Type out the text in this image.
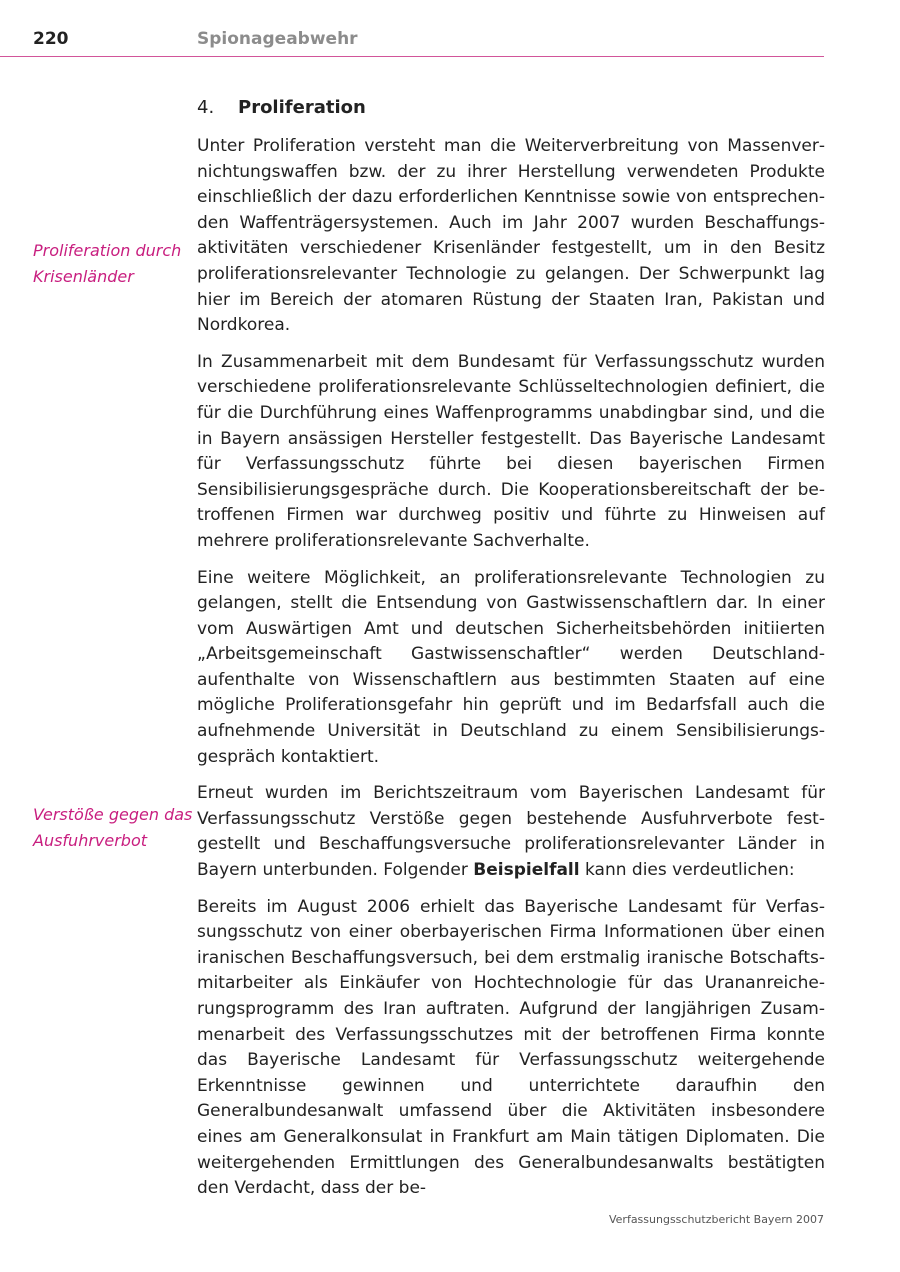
220	Spionageabwehr
4. Proliferation
Proliferation durch Krisenländer
Verstöße gegen das Ausfuhrverbot

Unter Proliferation versteht man die Weiterverbreitung von Massenvernichtungswaffen bzw. der zu ihrer Herstellung verwendeten Produkte einschließlich der dazu erforderlichen Kenntnisse sowie von entsprechenden Waffenträgersystemen. Auch im Jahr 2007 wurden Beschaffungsaktivitäten verschiedener Krisenländer festgestellt, um in den Besitz proliferationsrelevanter Technologie zu gelangen. Der Schwerpunkt lag hier im Bereich der atomaren Rüstung der Staaten Iran, Pakistan und Nordkorea.

In Zusammenarbeit mit dem Bundesamt für Verfassungsschutz wurden verschiedene proliferationsrelevante Schlüsseltechnologien definiert, die für die Durchführung eines Waffenprogramms unabdingbar sind, und die in Bayern ansässigen Hersteller festgestellt. Das Bayerische Landesamt für Verfassungsschutz führte bei diesen bayerischen Firmen Sensibilisierungsgespräche durch. Die Kooperationsbereitschaft der betroffenen Firmen war durchweg positiv und führte zu Hinweisen auf mehrere proliferationsrelevante Sachverhalte.

Eine weitere Möglichkeit, an proliferationsrelevante Technologien zu gelangen, stellt die Entsendung von Gastwissenschaftlern dar. In einer vom Auswärtigen Amt und deutschen Sicherheitsbehörden initiierten „Arbeitsgemeinschaft Gastwissenschaftler“ werden Deutschlandaufenthalte von Wissenschaftlern aus bestimmten Staaten auf eine mögliche Proliferationsgefahr hin geprüft und im Bedarfsfall auch die aufnehmende Universität in Deutschland zu einem Sensibilisierungsgespräch kontaktiert.

Erneut wurden im Berichtszeitraum vom Bayerischen Landesamt für Verfassungsschutz Verstöße gegen bestehende Ausfuhrverbote festgestellt und Beschaffungsversuche proliferationsrelevanter Länder in Bayern unterbunden. Folgender Beispielfall kann dies verdeutlichen:

Bereits im August 2006 erhielt das Bayerische Landesamt für Verfassungsschutz von einer oberbayerischen Firma Informationen über einen iranischen Beschaffungsversuch, bei dem erstmalig iranische Botschaftsmitarbeiter als Einkäufer von Hochtechnologie für das Urananreicherungsprogramm des Iran auftraten. Aufgrund der langjährigen Zusammenarbeit des Verfassungsschutzes mit der betroffenen Firma konnte das Bayerische Landesamt für Verfassungsschutz weitergehende Erkenntnisse gewinnen und unterrichtete daraufhin den Generalbundesanwalt umfassend über die Aktivitäten insbesondere eines am Generalkonsulat in Frankfurt am Main tätigen Diplomaten. Die weitergehenden Ermittlungen des Generalbundesanwalts bestätigten den Verdacht, dass der be-

Verfassungsschutzbericht Bayern 2007
